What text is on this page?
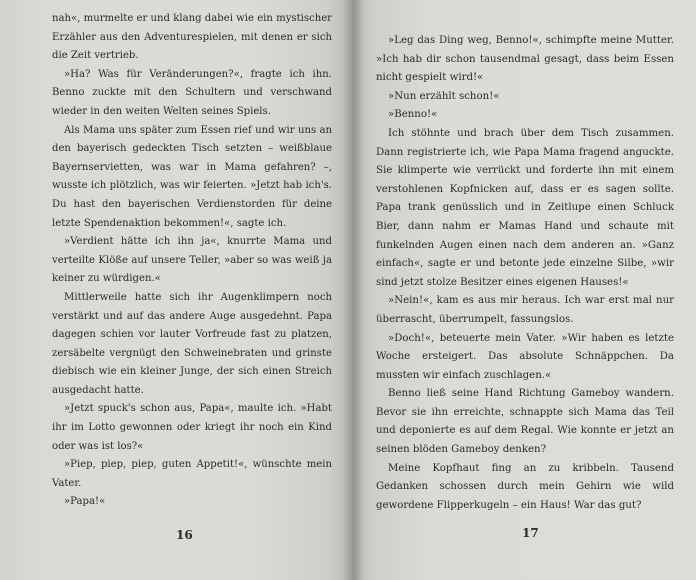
nah«, murmelte er und klang dabei wie ein mystischer Erzähler aus den Adventurespielen, mit denen er sich die Zeit vertrieb.

»Ha? Was für Veränderungen?«, fragte ich ihn. Benno zuckte mit den Schultern und verschwand wieder in den weiten Welten seines Spiels.

Als Mama uns später zum Essen rief und wir uns an den bayerisch gedeckten Tisch setzten – weißblaue Bayernservietten, was war in Mama gefahren? –, wusste ich plötzlich, was wir feierten. »Jetzt hab ich's. Du hast den bayerischen Verdienstorden für deine letzte Spendenaktion bekommen!«, sagte ich.

»Verdient hätte ich ihn ja«, knurrte Mama und verteilte Klöße auf unsere Teller, »aber so was weiß ja keiner zu würdigen.«

Mittlerweile hatte sich ihr Augenklimpern noch verstärkt und auf das andere Auge ausgedehnt. Papa dagegen schien vor lauter Vorfreude fast zu platzen, zersäbelte vergnügt den Schweinebraten und grinste diebisch wie ein kleiner Junge, der sich einen Streich ausgedacht hatte.

»Jetzt spuck's schon aus, Papa«, maulte ich. »Habt ihr im Lotto gewonnen oder kriegt ihr noch ein Kind oder was ist los?«

»Piep, piep, piep, guten Appetit!«, wünschte mein Vater.

»Papa!«

16

»Leg das Ding weg, Benno!«, schimpfte meine Mutter. »Ich hab dir schon tausendmal gesagt, dass beim Essen nicht gespielt wird!«

»Nun erzählt schon!«

»Benno!«

Ich stöhnte und brach über dem Tisch zusammen. Dann registrierte ich, wie Papa Mama fragend anguckte. Sie klimperte wie verrückt und forderte ihn mit einem verstohlenen Kopfnicken auf, dass er es sagen sollte. Papa trank genüsslich und in Zeitlupe einen Schluck Bier, dann nahm er Mamas Hand und schaute mit funkelnden Augen einen nach dem anderen an. »Ganz einfach«, sagte er und betonte jede einzelne Silbe, »wir sind jetzt stolze Besitzer eines eigenen Hauses!«

»Nein!«, kam es aus mir heraus. Ich war erst mal nur überrascht, überrumpelt, fassungslos.

»Doch!«, beteuerte mein Vater. »Wir haben es letzte Woche ersteigert. Das absolute Schnäppchen. Da mussten wir einfach zuschlagen.«

Benno ließ seine Hand Richtung Gameboy wandern. Bevor sie ihn erreichte, schnappte sich Mama das Teil und deponierte es auf dem Regal. Wie konnte er jetzt an seinen blöden Gameboy denken?

Meine Kopfhaut fing an zu kribbeln. Tausend Gedanken schossen durch mein Gehirn wie wild gewordene Flipperkugeln – ein Haus! War das gut?

17
